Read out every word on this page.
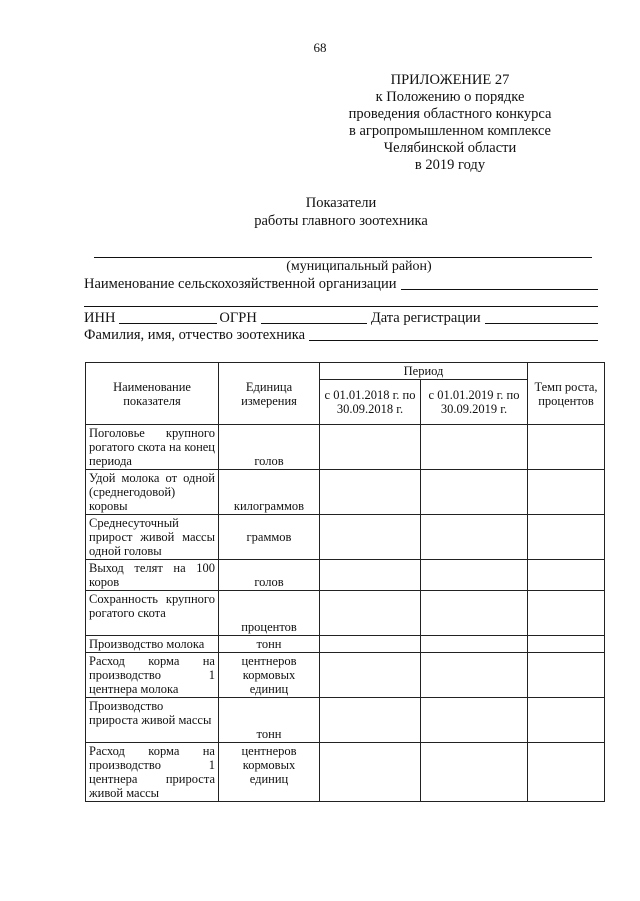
68
ПРИЛОЖЕНИЕ 27
к Положению о порядке
проведения областного конкурса
в агропромышленном комплексе
Челябинской области
в 2019 году
Показатели
работы главного зоотехника
(муниципальный район)
Наименование сельскохозяйственной организации
ИНН	ОГРН	Дата регистрации
Фамилия, имя, отчество зоотехника
Наименование показателя	Единица измерения	Период		Темп роста, процентов
		с 01.01.2018 г. по 30.09.2018 г.	с 01.01.2019 г. по 30.09.2019 г.	
Поголовье крупного рогатого скота на конец периода	голов			
Удой молока от одной (среднегодовой) коровы	килограммов			
Среднесуточный прирост живой массы одной головы	граммов			
Выход телят на 100 коров	голов			
Сохранность крупного рогатого скота	процентов			
Производство молока	тонн			
Расход корма на производство 1 центнера молока	центнеров кормовых единиц			
Производство прироста живой массы	тонн			
Расход корма на производство 1 центнера прироста живой массы	центнеров кормовых единиц			
